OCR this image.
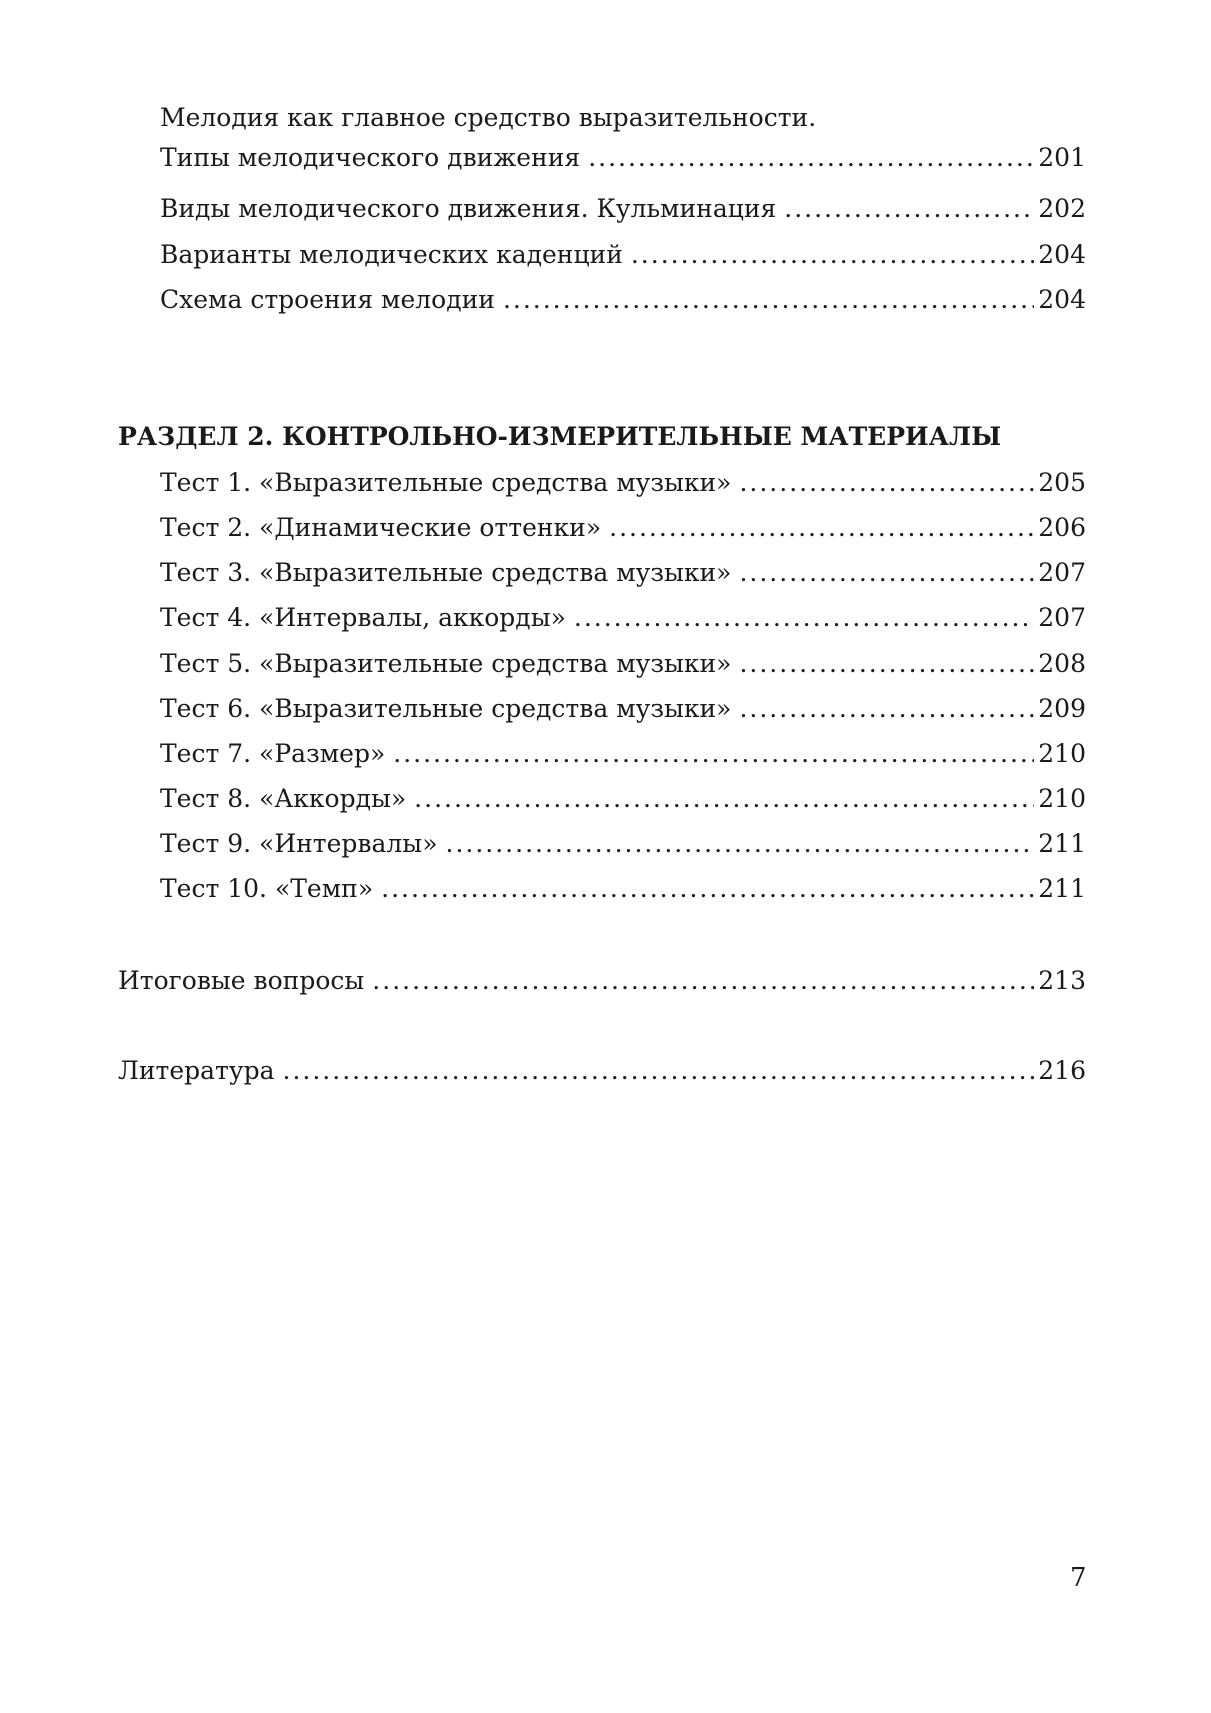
Мелодия как главное средство выразительности.
Типы мелодического движения .....	201
Виды мелодического движения. Кульминация .....	202
Варианты мелодических каденций .....	204
Схема строения мелодии .....	204
РАЗДЕЛ 2. КОНТРОЛЬНО-ИЗМЕРИТЕЛЬНЫЕ МАТЕРИАЛЫ
Тест 1. «Выразительные средства музыки» .....	205
Тест 2. «Динамические оттенки» .....	206
Тест 3. «Выразительные средства музыки» .....	207
Тест 4. «Интервалы, аккорды» .....	207
Тест 5. «Выразительные средства музыки» .....	208
Тест 6. «Выразительные средства музыки» .....	209
Тест 7. «Размер» .....	210
Тест 8. «Аккорды» .....	210
Тест 9. «Интервалы» .....	211
Тест 10. «Темп» .....	211
Итоговые вопросы .....	213
Литература .....	216
7
